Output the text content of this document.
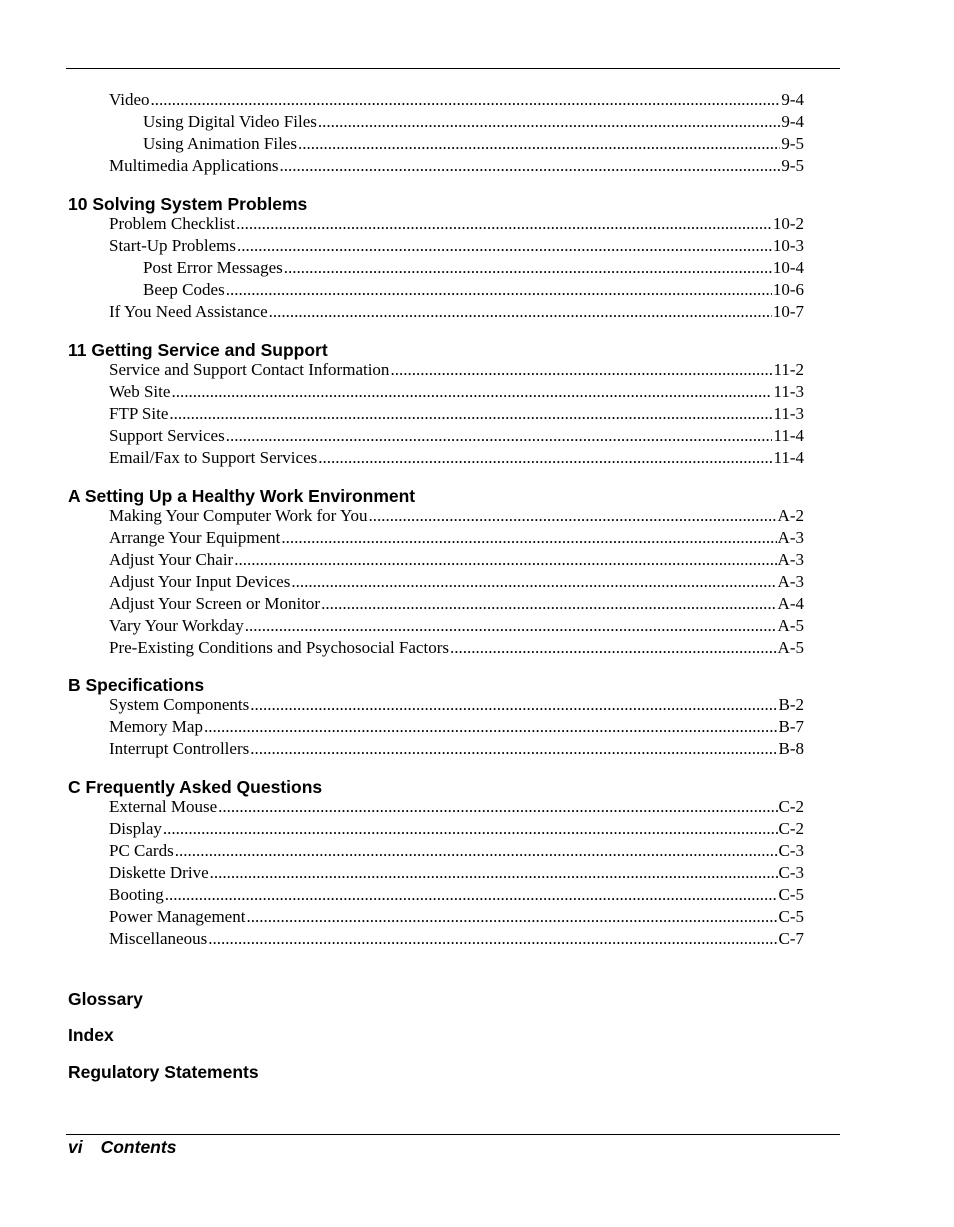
Video .....	9-4
Using Digital Video Files .....	9-4
Using Animation Files .....	9-5
Multimedia Applications .....	9-5
10 Solving System Problems
Problem Checklist .....	10-2
Start-Up Problems .....	10-3
Post Error Messages .....	10-4
Beep Codes .....	10-6
If You Need Assistance .....	10-7
11 Getting Service and Support
Service and Support Contact Information .....	11-2
Web Site .....	11-3
FTP Site .....	11-3
Support Services .....	11-4
Email/Fax to Support Services .....	11-4
A Setting Up a Healthy Work Environment
Making Your Computer Work for You .....	A-2
Arrange Your Equipment .....	A-3
Adjust Your Chair .....	A-3
Adjust Your Input Devices .....	A-3
Adjust Your Screen or Monitor .....	A-4
Vary Your Workday .....	A-5
Pre-Existing Conditions and Psychosocial Factors .....	A-5
B Specifications
System Components .....	B-2
Memory Map .....	B-7
Interrupt Controllers .....	B-8
C Frequently Asked Questions
External Mouse .....	C-2
Display .....	C-2
PC Cards .....	C-3
Diskette Drive .....	C-3
Booting .....	C-5
Power Management .....	C-5
Miscellaneous .....	C-7
Glossary
Index
Regulatory Statements
vi Contents
